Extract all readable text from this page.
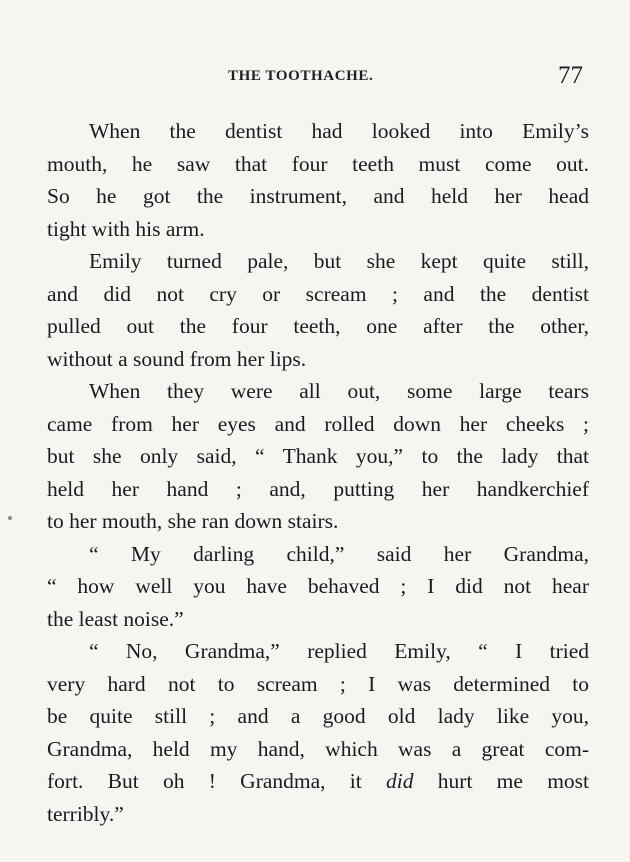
THE TOOTHACHE.	77

When the dentist had looked into Emily’s
mouth, he saw that four teeth must come out.
So he got the instrument, and held her head
tight with his arm.

Emily turned pale, but she kept quite still,
and did not cry or scream ; and the dentist
pulled out the four teeth, one after the other,
without a sound from her lips.

When they were all out, some large tears
came from her eyes and rolled down her cheeks ;
but she only said, “ Thank you,” to the lady that
held her hand ; and, putting her handkerchief
to her mouth, she ran down stairs.

“ My darling child,” said her Grandma,
“ how well you have behaved ; I did not hear
the least noise.”

“ No, Grandma,” replied Emily, “ I tried
very hard not to scream ; I was determined to
be quite still ; and a good old lady like you,
Grandma, held my hand, which was a great com-
fort. But oh ! Grandma, it did hurt me most
terribly.”
